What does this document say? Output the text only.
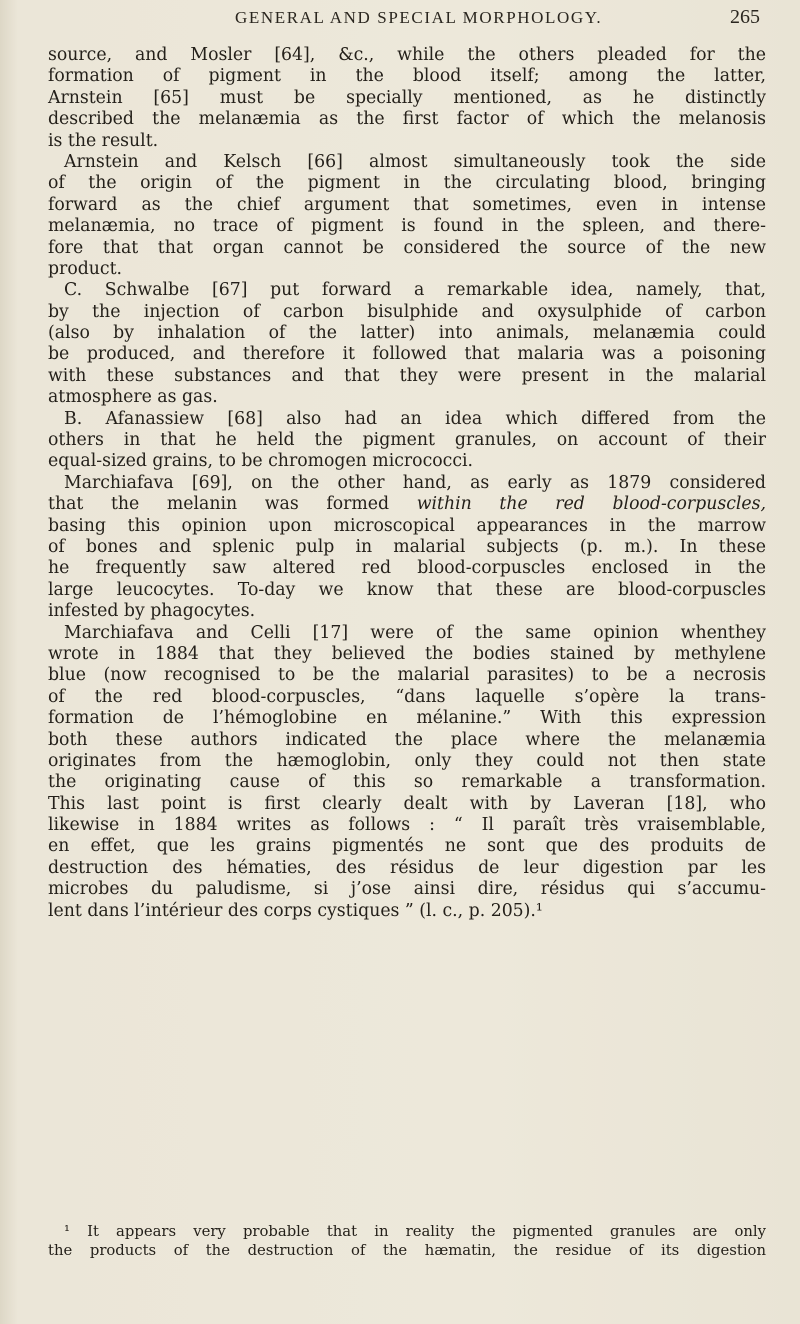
GENERAL AND SPECIAL MORPHOLOGY.	265
source, and Mosler [64], &c., while the others pleaded for the
formation of pigment in the blood itself; among the latter,
Arnstein [65] must be specially mentioned, as he distinctly
described the melanæmia as the first factor of which the melanosis
is the result.
Arnstein and Kelsch [66] almost simultaneously took the side
of the origin of the pigment in the circulating blood, bringing
forward as the chief argument that sometimes, even in intense
melanæmia, no trace of pigment is found in the spleen, and there-
fore that that organ cannot be considered the source of the new
product.
C. Schwalbe [67] put forward a remarkable idea, namely, that,
by the injection of carbon bisulphide and oxysulphide of carbon
(also by inhalation of the latter) into animals, melanæmia could
be produced, and therefore it followed that malaria was a poisoning
with these substances and that they were present in the malarial
atmosphere as gas.
B. Afanassiew [68] also had an idea which differed from the
others in that he held the pigment granules, on account of their
equal-sized grains, to be chromogen micrococci.
Marchiafava [69], on the other hand, as early as 1879 considered
that the melanin was formed within the red blood-corpuscles,
basing this opinion upon microscopical appearances in the marrow
of bones and splenic pulp in malarial subjects (p. m.). In these
he frequently saw altered red blood-corpuscles enclosed in the
large leucocytes. To-day we know that these are blood-corpuscles
infested by phagocytes.
Marchiafava and Celli [17] were of the same opinion whenthey
wrote in 1884 that they believed the bodies stained by methylene
blue (now recognised to be the malarial parasites) to be a necrosis
of the red blood-corpuscles, “dans laquelle s’opère la trans-
formation de l’hémoglobine en mélanine.” With this expression
both these authors indicated the place where the melanæmia
originates from the hæmoglobin, only they could not then state
the originating cause of this so remarkable a transformation.
This last point is first clearly dealt with by Laveran [18], who
likewise in 1884 writes as follows : “ Il paraît très vraisemblable,
en effet, que les grains pigmentés ne sont que des produits de
destruction des hématies, des résidus de leur digestion par les
microbes du paludisme, si j’ose ainsi dire, résidus qui s’accumu-
lent dans l’intérieur des corps cystiques ” (l. c., p. 205).¹
¹ It appears very probable that in reality the pigmented granules are only
the products of the destruction of the hæmatin, the residue of its digestion
